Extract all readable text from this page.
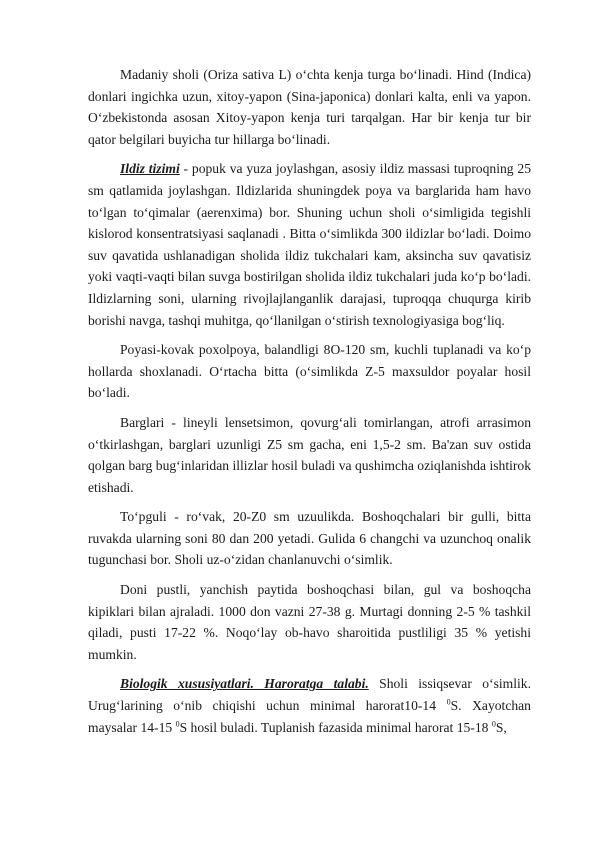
Madaniy sholi (Oriza sativa L) o‘chta kenja turga bo‘linadi. Hind (Indica) donlari ingichka uzun, xitoy-yapon (Sina-japonica) donlari kalta, enli va yapon. O‘zbekistonda asosan Xitoy-yapon kenja turi tarqalgan. Har bir kenja tur bir qator belgilari buyicha tur hillarga bo‘linadi.

Ildiz tizimi - popuk va yuza joylashgan, asosiy ildiz massasi tuproqning 25 sm qatlamida joylashgan. Ildizlarida shuningdek poya va barglarida ham havo to‘lgan to‘qimalar (aerenxima) bor. Shuning uchun sholi o‘simligida tegishli kislorod konsentratsiyasi saqlanadi . Bitta o‘simlikda 300 ildizlar bo‘ladi. Doimo suv qavatida ushlanadigan sholida ildiz tukchalari kam, aksincha suv qavatisiz yoki vaqti-vaqti bilan suvga bostirilgan sholida ildiz tukchalari juda ko‘p bo‘ladi. Ildizlarning soni, ularning rivojlajlanganlik darajasi, tuproqqa chuqurga kirib borishi navga, tashqi muhitga, qo‘llanilgan o‘stirish texnologiyasiga bog‘liq.

Poyasi-kovak poxolpoya, balandligi 8O-120 sm, kuchli tuplanadi va ko‘p hollarda shoxlanadi. O‘rtacha bitta (o‘simlikda Z-5 maxsuldor poyalar hosil bo‘ladi.

Barglari - lineyli lensetsimon, qovurg‘ali tomirlangan, atrofi arrasimon o‘tkirlashgan, barglari uzunligi Z5 sm gacha, eni 1,5-2 sm. Ba'zan suv ostida qolgan barg bug‘inlaridan illizlar hosil buladi va qushimcha oziqlanishda ishtirok etishadi.

To‘pguli - ro‘vak, 20-Z0 sm uzuulikda. Boshoqchalari bir gulli, bitta ruvakda ularning soni 80 dan 200 yetadi. Gulida 6 changchi va uzunchoq onalik tugunchasi bor. Sholi uz-o‘zidan chanlanuvchi o‘simlik.

Doni pustli, yanchish paytida boshoqchasi bilan, gul va boshoqcha kipiklari bilan ajraladi. 1000 don vazni 27-38 g. Murtagi donning 2-5 % tashkil qiladi, pusti 17-22 %. Noqo‘lay ob-havo sharoitida pustliligi 35 % yetishi mumkin.

Biologik xususiyatlari. Haroratga talabi. Sholi issiqsevar o‘simlik. Urug‘larining o‘nib chiqishi uchun minimal harorat10-14 $^0$S. Xayotchan maysalar 14-15 $^0$S hosil buladi. Tuplanish fazasida minimal harorat 15-18 $^0$S,
